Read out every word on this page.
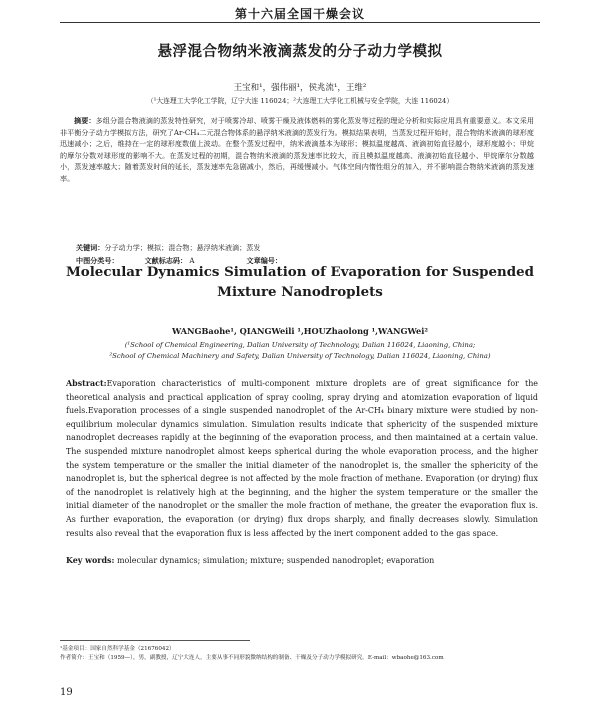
第十六届全国干燥会议
悬浮混合物纳米液滴蒸发的分子动力学模拟
王宝和¹，强伟丽¹，侯兆流¹，王维²
（¹大连理工大学化工学院，辽宁大连 116024；²大连理工大学化工机械与安全学院，大连 116024）
摘要：多组分混合物液滴的蒸发特性研究，对于喷雾冷却、喷雾干燥及液体燃料的雾化蒸发等过程的理论分析和实际应用具有重要意义。本文采用非平衡分子动力学模拟方法，研究了Ar-CH₄二元混合物体系的悬浮纳米液滴的蒸发行为。模拟结果表明，当蒸发过程开始时，混合物纳米液滴的球形度迅速减小；之后，维持在一定的球形度数值上波动。在整个蒸发过程中，纳米液滴基本为球形；模拟温度越高、液滴初始直径越小，球形度越小；甲烷的摩尔分数对球形度的影响不大。在蒸发过程的初期，混合物纳米液滴的蒸发速率比较大，而且模拟温度越高、液滴初始直径越小、甲烷摩尔分数越小，蒸发速率越大；随着蒸发时间的延长，蒸发速率先急剧减小，然后，再缓慢减小。气体空间内惰性组分的加入，并不影响混合物纳米液滴的蒸发速率。
关键词：分子动力学；模拟；混合物；悬浮纳米液滴；蒸发
中图分类号：	文献标志码： A	文章编号：
Molecular Dynamics Simulation of Evaporation for Suspended Mixture Nanodroplets
WANGBaohe¹, QIANGWeili ¹,HOUZhaolong ¹,WANGWei²
(¹School of Chemical Engineering, Dalian University of Technology, Dalian 116024, Liaoning, China;
²School of Chemical Machinery and Safety, Dalian University of Technology, Dalian 116024, Liaoning, China)
Abstract:Evaporation characteristics of multi-component mixture droplets are of great significance for the theoretical analysis and practical application of spray cooling, spray drying and atomization evaporation of liquid fuels.Evaporation processes of a single suspended nanodroplet of the Ar-CH₄ binary mixture were studied by non-equilibrium molecular dynamics simulation. Simulation results indicate that sphericity of the suspended mixture nanodroplet decreases rapidly at the beginning of the evaporation process, and then maintained at a certain value. The suspended mixture nanodroplet almost keeps spherical during the whole evaporation process, and the higher the system temperature or the smaller the initial diameter of the nanodroplet is, the smaller the sphericity of the nanodroplet is, but the spherical degree is not affected by the mole fraction of methane. Evaporation (or drying) flux of the nanodroplet is relatively high at the beginning, and the higher the system temperature or the smaller the initial diameter of the nanodroplet or the smaller the mole fraction of methane, the greater the evaporation flux is. As further evaporation, the evaporation (or drying) flux drops sharply, and finally decreases slowly. Simulation results also reveal that the evaporation flux is less affected by the inert component added to the gas space.
Key words: molecular dynamics; simulation; mixture; suspended nanodroplet; evaporation
¹基金项目：国家自然科学基金（21676042）
作者简介：王宝和（1959—），男，副教授，辽宁大连人，主要从事不同形貌微纳结构的制备、干燥及分子动力学模拟研究。E-mail：wbaohe@163.com
19
